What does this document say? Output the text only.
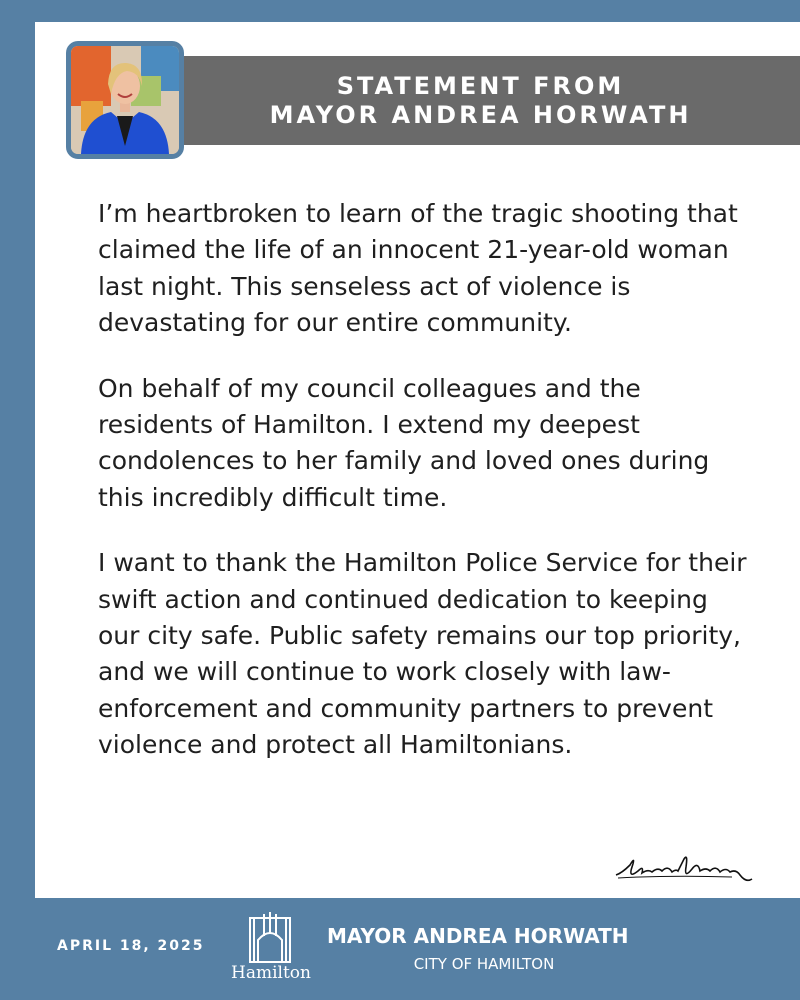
STATEMENT FROM
MAYOR ANDREA HORWATH

I’m heartbroken to learn of the tragic shooting that claimed the life of an innocent 21-year-old woman last night. This senseless act of violence is devastating for our entire community.

On behalf of my council colleagues and the residents of Hamilton. I extend my deepest condolences to her family and loved ones during this incredibly difficult time.

I want to thank the Hamilton Police Service for their swift action and continued dedication to keeping our city safe. Public safety remains our top priority, and we will continue to work closely with law-enforcement and community partners to prevent violence and protect all Hamiltonians.

APRIL 18, 2025
Hamilton
MAYOR ANDREA HORWATH
CITY OF HAMILTON
